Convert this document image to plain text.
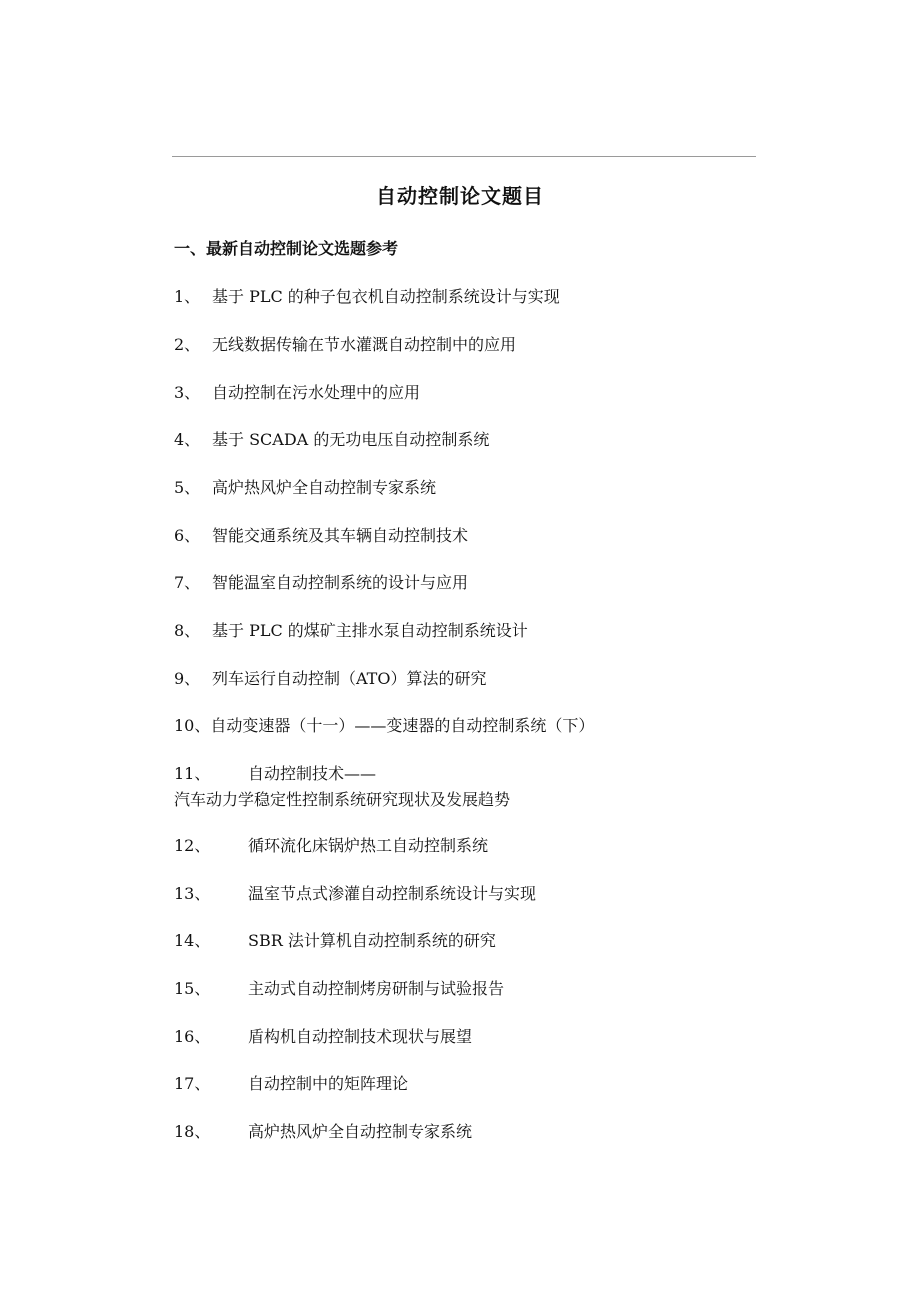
自动控制论文题目
一、最新自动控制论文选题参考
1、 基于 PLC 的种子包衣机自动控制系统设计与实现
2、 无线数据传输在节水灌溉自动控制中的应用
3、 自动控制在污水处理中的应用
4、 基于 SCADA 的无功电压自动控制系统
5、 高炉热风炉全自动控制专家系统
6、 智能交通系统及其车辆自动控制技术
7、 智能温室自动控制系统的设计与应用
8、 基于 PLC 的煤矿主排水泵自动控制系统设计
9、 列车运行自动控制（ATO）算法的研究
10、自动变速器（十一）——变速器的自动控制系统（下）
11、 自动控制技术——
汽车动力学稳定性控制系统研究现状及发展趋势
12、 循环流化床锅炉热工自动控制系统
13、 温室节点式渗灌自动控制系统设计与实现
14、 SBR 法计算机自动控制系统的研究
15、 主动式自动控制烤房研制与试验报告
16、 盾构机自动控制技术现状与展望
17、 自动控制中的矩阵理论
18、 高炉热风炉全自动控制专家系统
